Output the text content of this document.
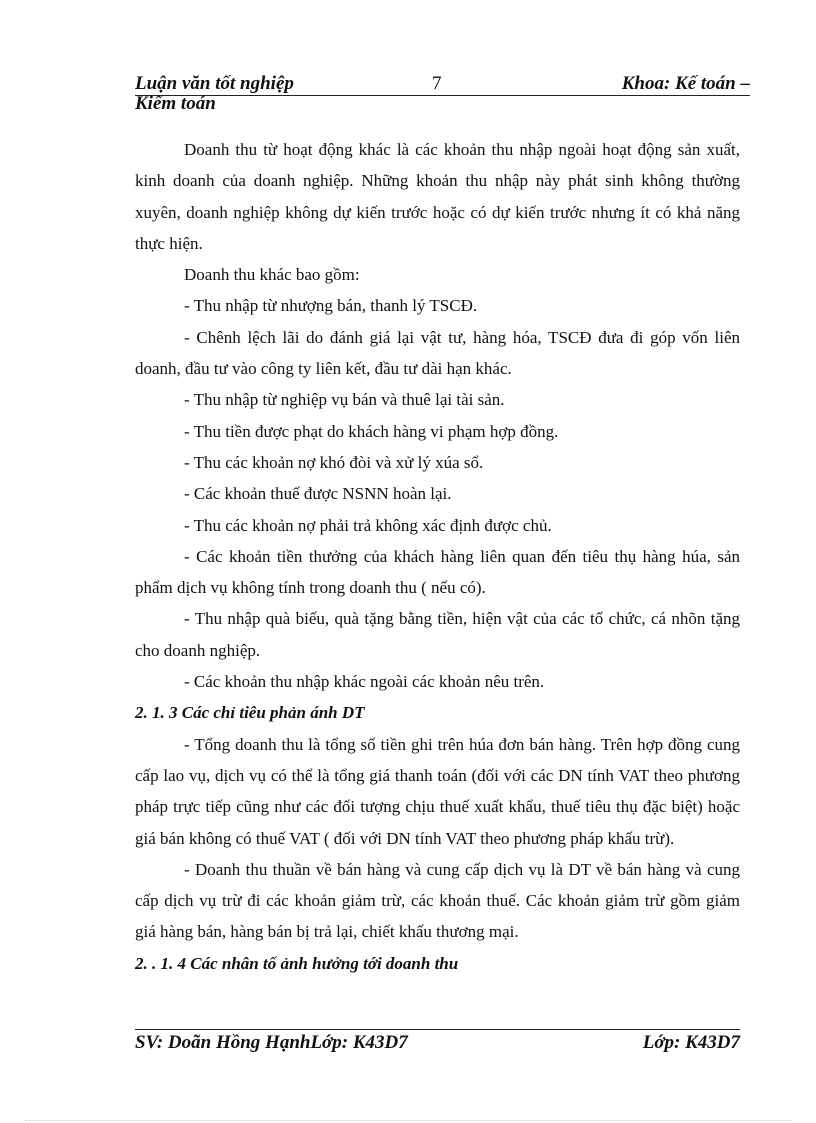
Luận văn tốt nghiệp	7	Khoa: Kế toán –
Kiểm toán

Doanh thu từ hoạt động khác là các khoản thu nhập ngoài hoạt động sản xuất, kinh doanh của doanh nghiệp. Những khoản thu nhập này phát sinh không thường xuyên, doanh nghiệp không dự kiến trước hoặc có dự kiến trước nhưng ít có khả năng thực hiện.

Doanh thu khác bao gồm:

- Thu nhập từ nhượng bán, thanh lý TSCĐ.

- Chênh lệch lãi do đánh giá lại vật tư, hàng hóa, TSCĐ đưa đi góp vốn liên doanh, đầu tư vào công ty liên kết, đầu tư dài hạn khác.

- Thu nhập từ nghiệp vụ bán và thuê lại tài sản.

- Thu tiền được phạt do khách hàng vi phạm hợp đồng.

- Thu các khoản nợ khó đòi và xử lý xúa sổ.

- Các khoản thuế được NSNN hoàn lại.

- Thu các khoản nợ phải trả không xác định được chủ.

- Các khoản tiền thưởng của khách hàng liên quan đến tiêu thụ hàng húa, sản phẩm dịch vụ không tính trong doanh thu ( nếu có).

- Thu nhập quà biếu, quà tặng bằng tiền, hiện vật của các tổ chức, cá nhõn tặng cho doanh nghiệp.

- Các khoản thu nhập khác ngoài các khoản nêu trên.

2. 1. 3 Các chỉ tiêu phản ánh DT

- Tổng doanh thu là tổng số tiền ghi trên húa đơn bán hàng. Trên hợp đồng cung cấp lao vụ, dịch vụ có thể là tổng giá thanh toán (đối với các DN tính VAT theo phương pháp trực tiếp cũng như các đối tượng chịu thuế xuất khẩu, thuế tiêu thụ đặc biệt) hoặc giá bán không có thuế VAT ( đối với DN tính VAT theo phương pháp khấu trừ).

- Doanh thu thuần về bán hàng và cung cấp dịch vụ là DT về bán hàng và cung cấp dịch vụ trừ đi các khoản giảm trừ, các khoản thuế. Các khoản giảm trừ gồm giảm giá hàng bán, hàng bán bị trả lại, chiết khấu thương mại.

2. . 1. 4 Các nhân tố ảnh hưởng tới doanh thu

SV: Doãn Hồng HạnhLớp: K43D7	Lớp: K43D7
